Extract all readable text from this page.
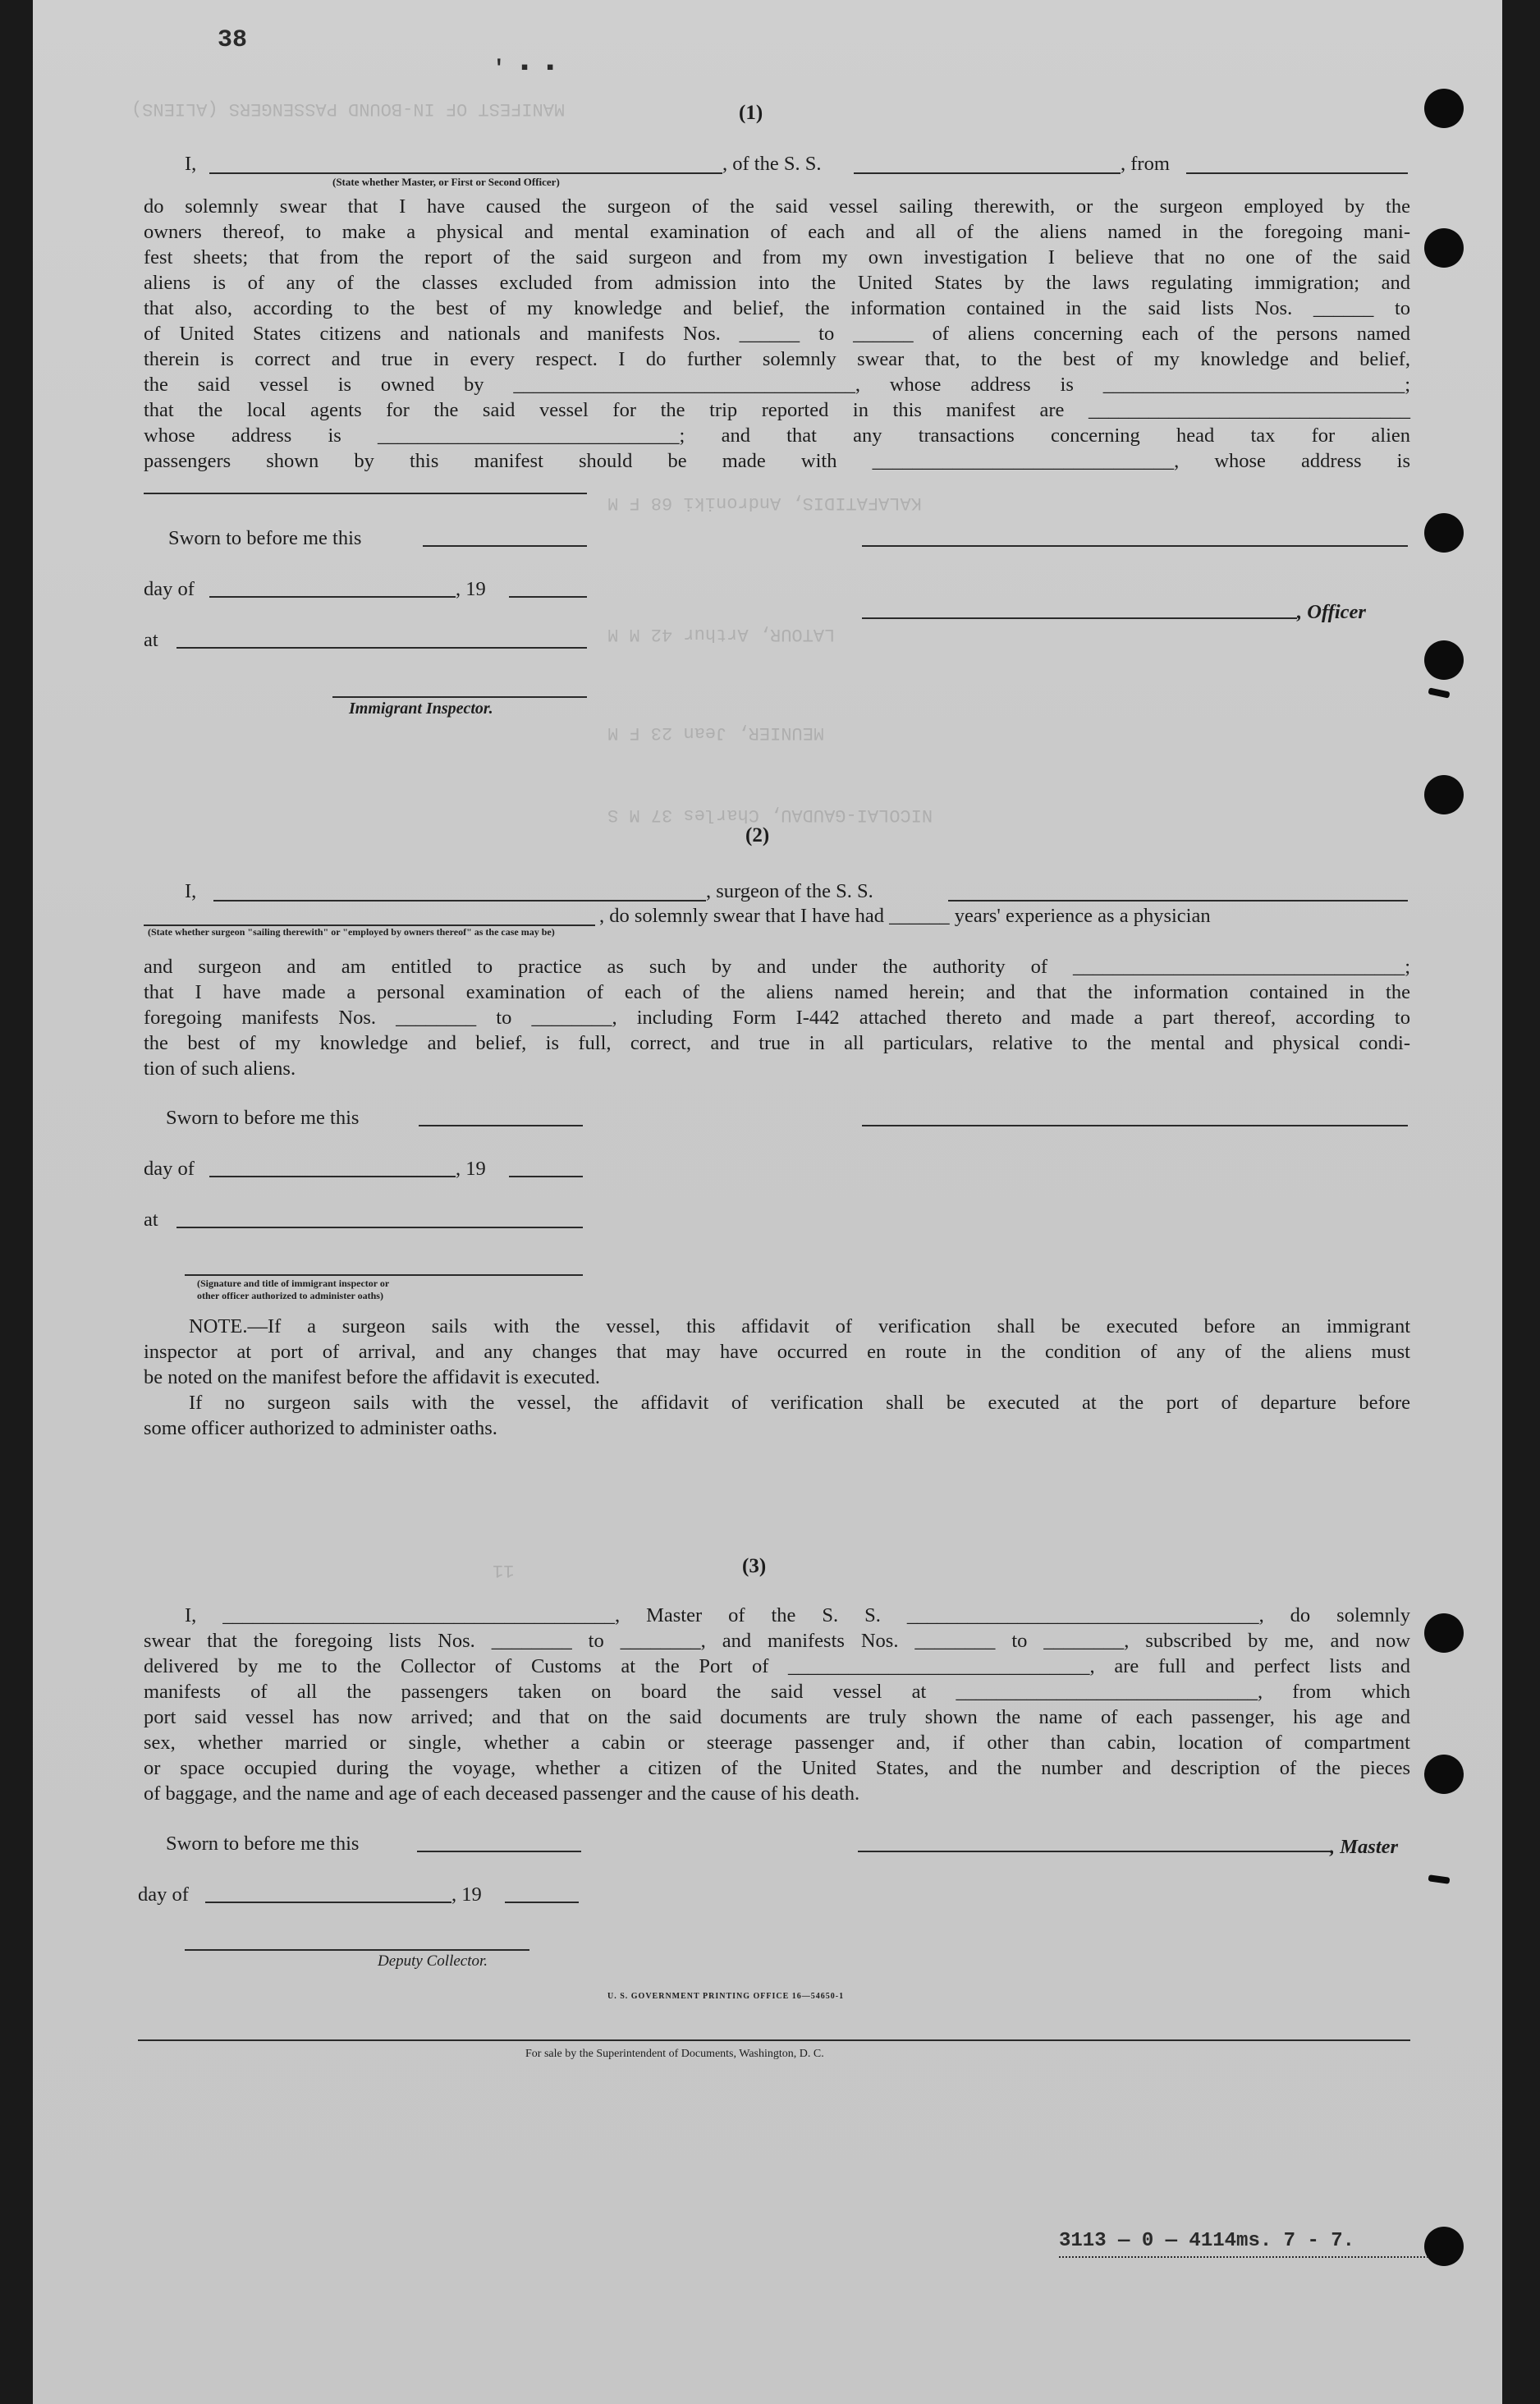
MANIFEST OF IN-BOUND PASSENGERS (ALIENS)
KALAFATIDIS, Androniki 68 F M
LATOUR, Arthur 42 M M
MEUNIER, Jean 23 F M
NICOLAI-GAUDAU, Charles 37 M S
11
38
' ▪ ▪
(1)
I,	, of the S. S.	, from
(State whether Master, or First or Second Officer)
do solemnly swear that I have caused the surgeon of the said vessel sailing therewith, or the surgeon employed by the
owners thereof, to make a physical and mental examination of each and all of the aliens named in the foregoing mani-
fest sheets; that from the report of the said surgeon and from my own investigation I believe that no one of the said
aliens is of any of the classes excluded from admission into the United States by the laws regulating immigration; and
that also, according to the best of my knowledge and belief, the information contained in the said lists Nos. ______ to
of United States citizens and nationals and manifests Nos. ______ to ______ of aliens concerning each of the persons named
therein is correct and true in every respect. I do further solemnly swear that, to the best of my knowledge and belief,
the said vessel is owned by __________________________________, whose address is ______________________________;
that the local agents for the said vessel for the trip reported in this manifest are ________________________________
whose address is ______________________________; and that any transactions concerning head tax for alien
passengers shown by this manifest should be made with ______________________________, whose address is
Sworn to before me this
day of	, 19
, Officer
at
Immigrant Inspector.
(2)
I,	, surgeon of the S. S.
, do solemnly swear that I have had ______ years' experience as a physician
(State whether surgeon "sailing therewith" or "employed by owners thereof" as the case may be)
and surgeon and am entitled to practice as such by and under the authority of _________________________________;
that I have made a personal examination of each of the aliens named herein; and that the information contained in the
foregoing manifests Nos. ________ to ________, including Form I-442 attached thereto and made a part thereof, according to
the best of my knowledge and belief, is full, correct, and true in all particulars, relative to the mental and physical condi-
tion of such aliens.
Sworn to before me this
day of	, 19
at
(Signature and title of immigrant inspector or
other officer authorized to administer oaths)
NOTE.—If a surgeon sails with the vessel, this affidavit of verification shall be executed before an immigrant
inspector at port of arrival, and any changes that may have occurred en route in the condition of any of the aliens must
be noted on the manifest before the affidavit is executed.
If no surgeon sails with the vessel, the affidavit of verification shall be executed at the port of departure before
some officer authorized to administer oaths.
(3)
I, _______________________________________, Master of the S. S. ___________________________________, do solemnly
swear that the foregoing lists Nos. ________ to ________, and manifests Nos. ________ to ________, subscribed by me, and now
delivered by me to the Collector of Customs at the Port of ______________________________, are full and perfect lists and
manifests of all the passengers taken on board the said vessel at ______________________________, from which
port said vessel has now arrived; and that on the said documents are truly shown the name of each passenger, his age and
sex, whether married or single, whether a cabin or steerage passenger and, if other than cabin, location of compartment
or space occupied during the voyage, whether a citizen of the United States, and the number and description of the pieces
of baggage, and the name and age of each deceased passenger and the cause of his death.
Sworn to before me this	, Master
day of	, 19
Deputy Collector.
U. S. GOVERNMENT PRINTING OFFICE 16—54650-1
For sale by the Superintendent of Documents, Washington, D. C.
3113 — 0 — 4114ms. 7 - 7.
